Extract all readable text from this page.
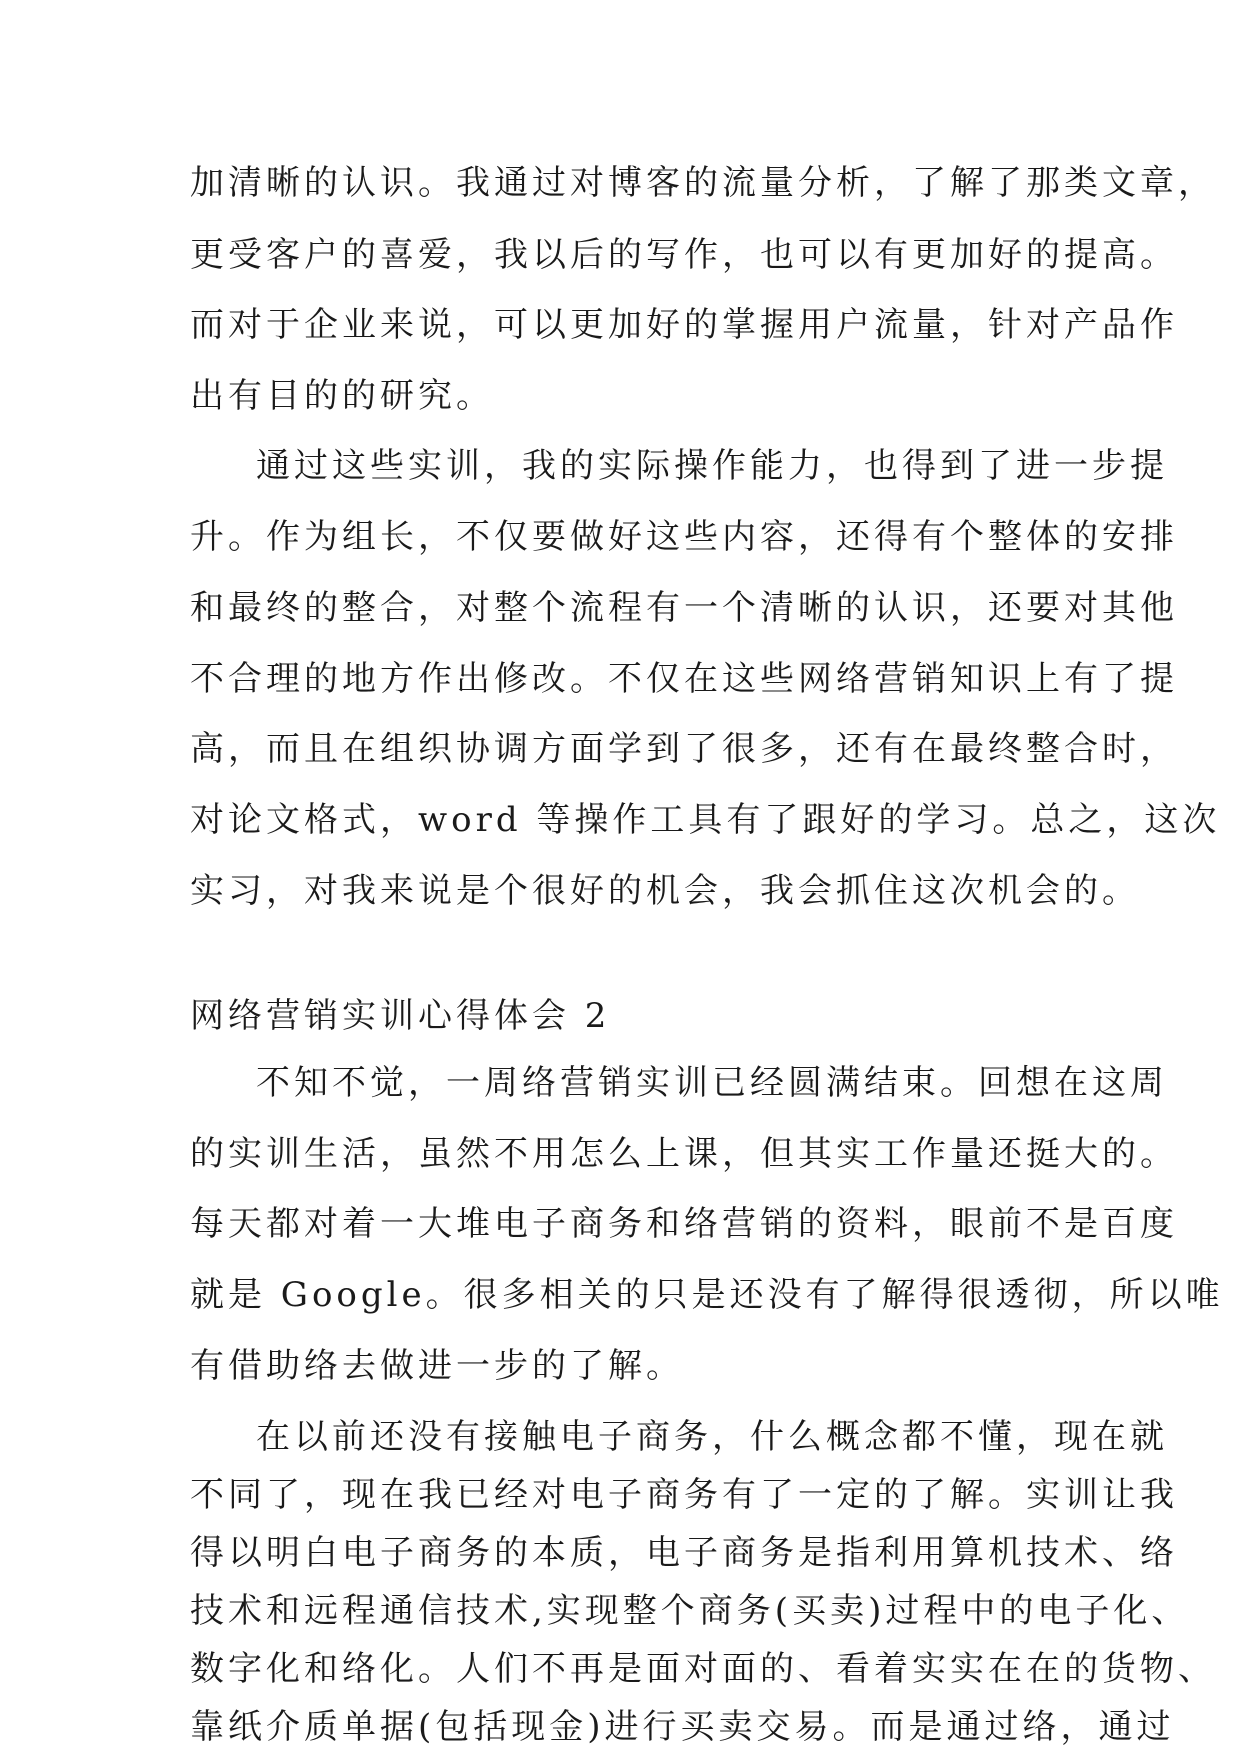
加清晰的认识。我通过对博客的流量分析，了解了那类文章，
更受客户的喜爱，我以后的写作，也可以有更加好的提高。
而对于企业来说，可以更加好的掌握用户流量，针对产品作
出有目的的研究。
通过这些实训，我的实际操作能力，也得到了进一步提
升。作为组长，不仅要做好这些内容，还得有个整体的安排
和最终的整合，对整个流程有一个清晰的认识，还要对其他
不合理的地方作出修改。不仅在这些网络营销知识上有了提
高，而且在组织协调方面学到了很多，还有在最终整合时，
对论文格式，word 等操作工具有了跟好的学习。总之，这次
实习，对我来说是个很好的机会，我会抓住这次机会的。
网络营销实训心得体会 2
不知不觉，一周络营销实训已经圆满结束。回想在这周
的实训生活，虽然不用怎么上课，但其实工作量还挺大的。
每天都对着一大堆电子商务和络营销的资料，眼前不是百度
就是 Google。很多相关的只是还没有了解得很透彻，所以唯
有借助络去做进一步的了解。
在以前还没有接触电子商务，什么概念都不懂，现在就
不同了，现在我已经对电子商务有了一定的了解。实训让我
得以明白电子商务的本质，电子商务是指利用算机技术、络
技术和远程通信技术,实现整个商务(买卖)过程中的电子化、
数字化和络化。人们不再是面对面的、看着实实在在的货物、
靠纸介质单据(包括现金)进行买卖交易。而是通过络，通过
